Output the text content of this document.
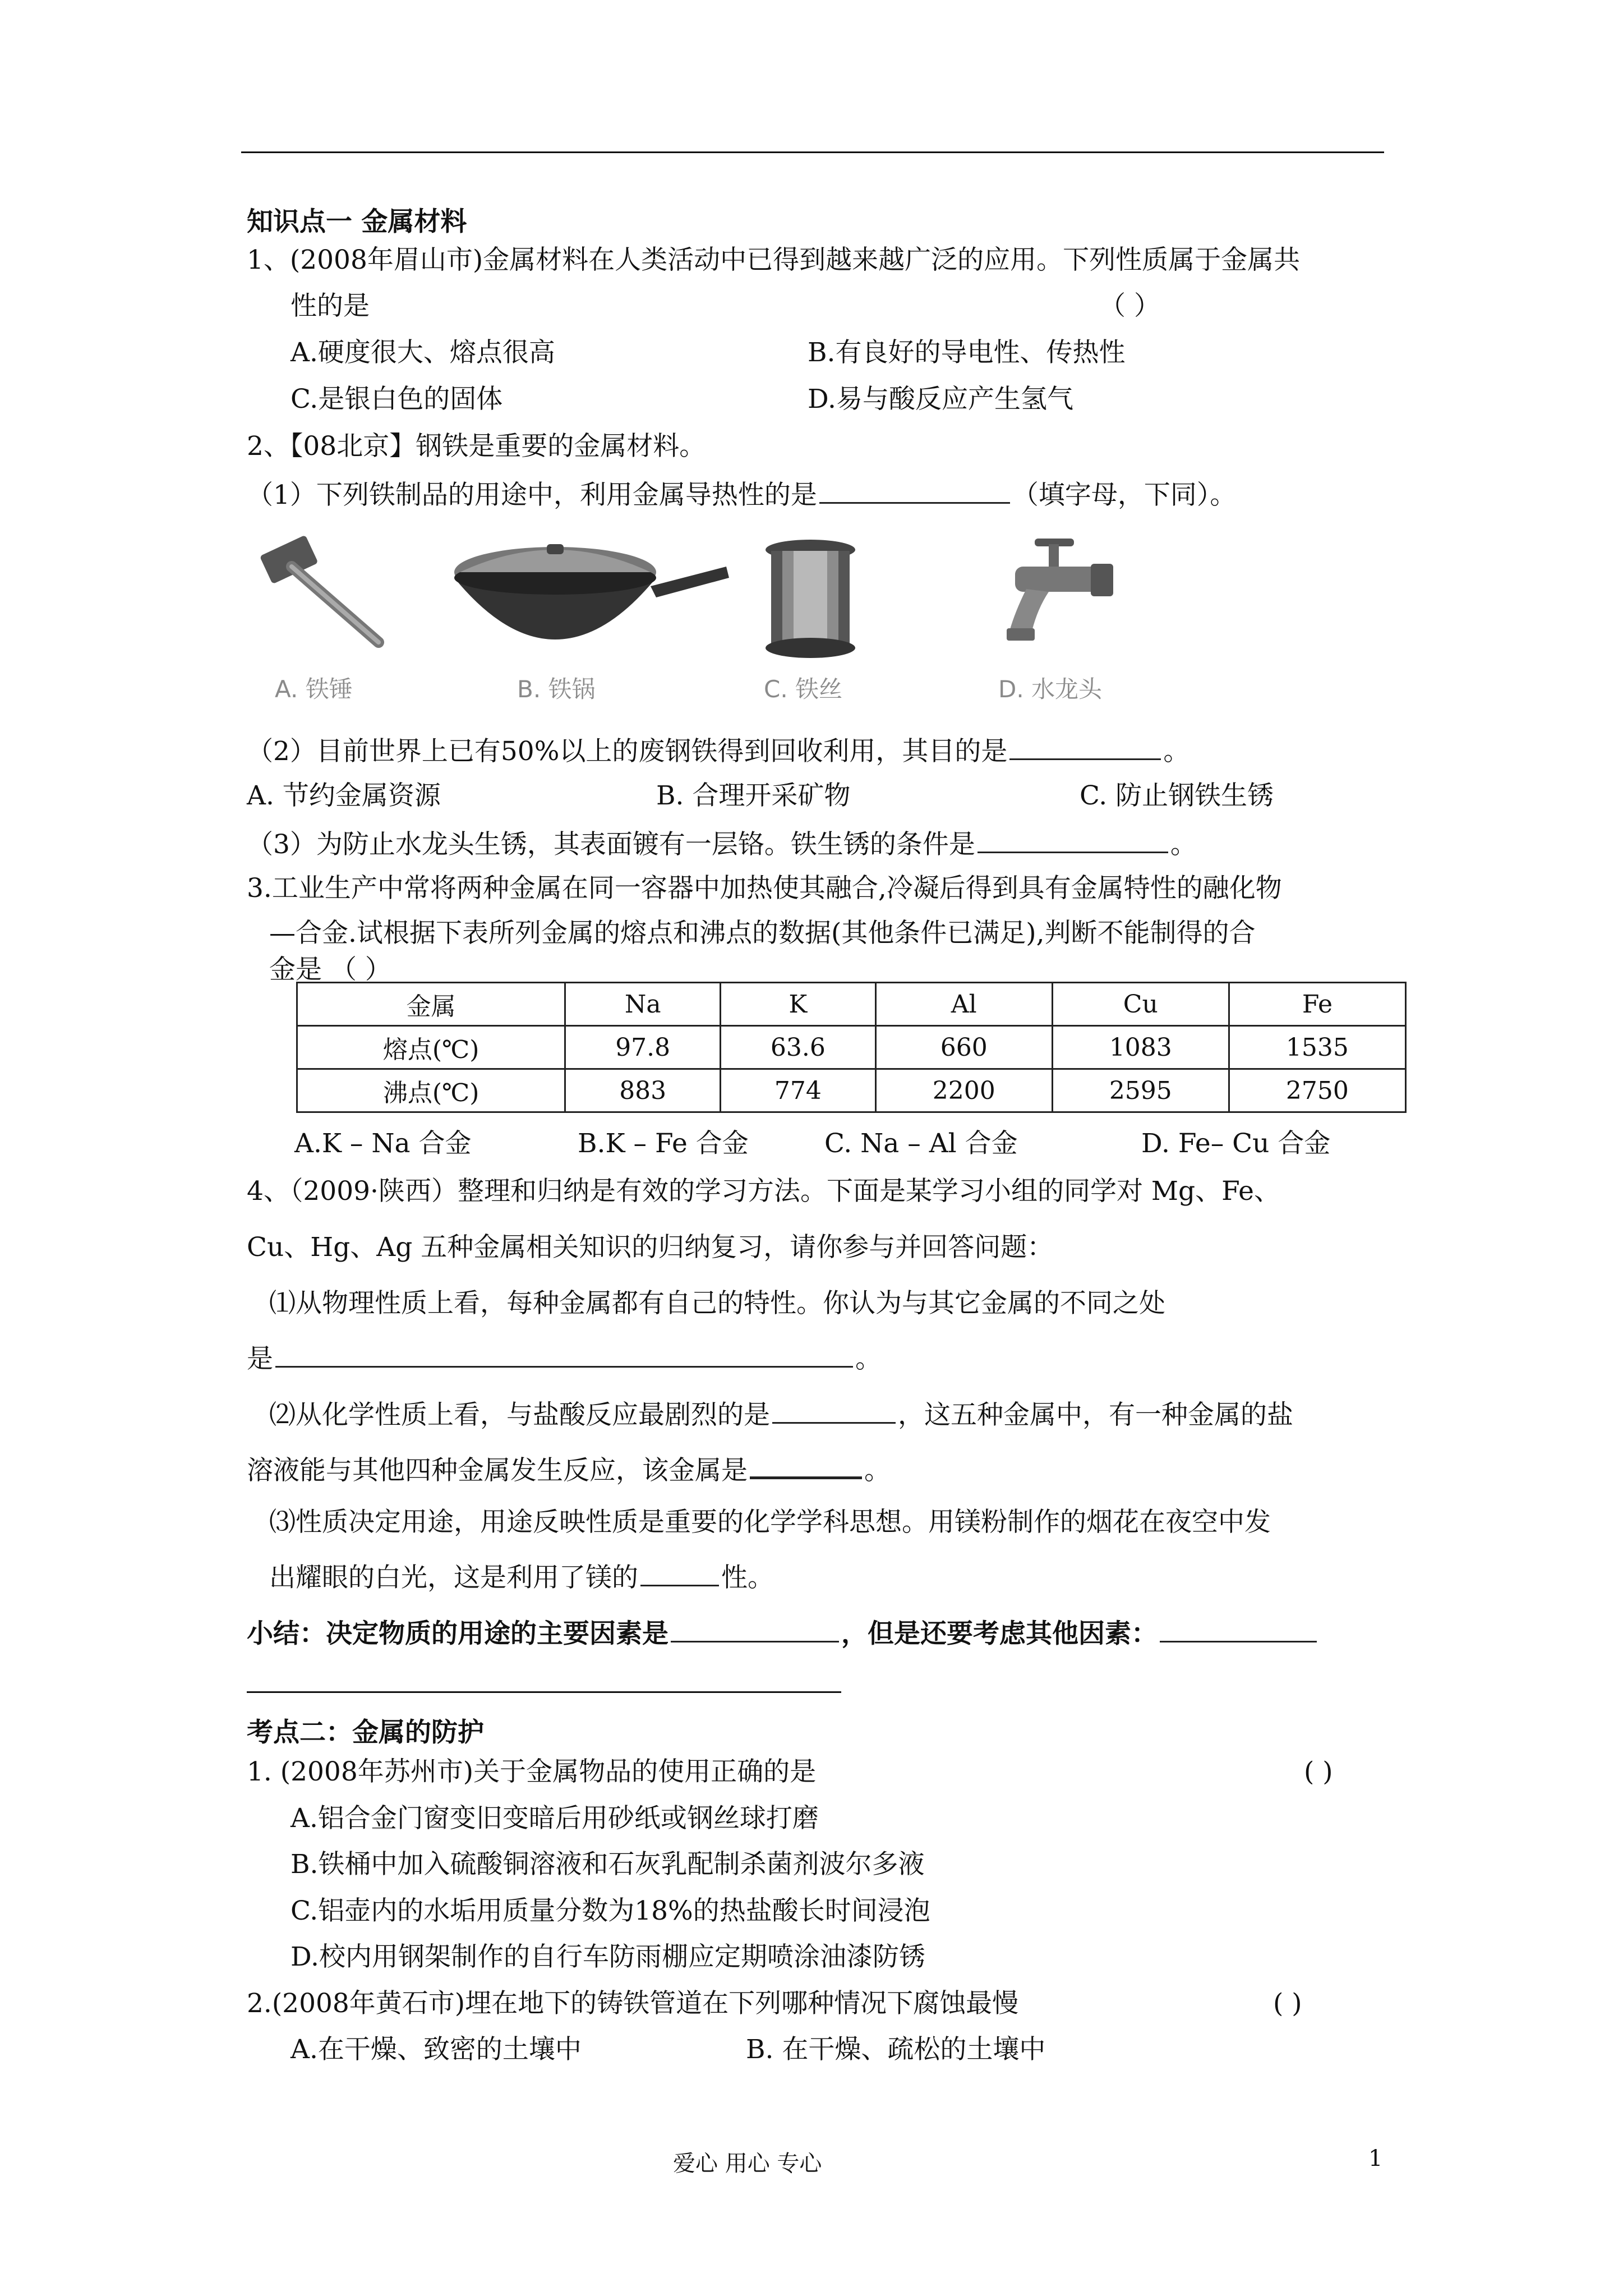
知识点一 金属材料
1、(2008年眉山市)金属材料在人类活动中已得到越来越广泛的应用。下列性质属于金属共
性的是	（ ）
A.硬度很大、熔点很高	B.有良好的导电性、传热性
C.是银白色的固体	D.易与酸反应产生氢气
2、【08北京】钢铁是重要的金属材料。
（1）下列铁制品的用途中，利用金属导热性的是	（填字母，下同）。
A. 铁锤	B. 铁锅	C. 铁丝	D. 水龙头
（2）目前世界上已有50%以上的废钢铁得到回收利用，其目的是	。
A. 节约金属资源	B. 合理开采矿物	C. 防止钢铁生锈
（3）为防止水龙头生锈，其表面镀有一层铬。铁生锈的条件是	。
3.工业生产中常将两种金属在同一容器中加热使其融合,冷凝后得到具有金属特性的融化物
—合金.试根据下表所列金属的熔点和沸点的数据(其他条件已满足),判断不能制得的合
金是 （ ）
金属	Na	K	Al	Cu	Fe
熔点(℃)	97.8	63.6	660	1083	1535
沸点(℃)	883	774	2200	2595	2750
A.K – Na 合金	B.K – Fe 合金	C. Na – Al 合金	D. Fe– Cu 合金
4、（2009·陕西）整理和归纳是有效的学习方法。下面是某学习小组的同学对 Mg、Fe、
Cu、Hg、Ag 五种金属相关知识的归纳复习，请你参与并回答问题：
⑴从物理性质上看，每种金属都有自己的特性。你认为与其它金属的不同之处
是	。
⑵从化学性质上看，与盐酸反应最剧烈的是	，这五种金属中，有一种金属的盐
溶液能与其他四种金属发生反应，该金属是	。
⑶性质决定用途，用途反映性质是重要的化学学科思想。用镁粉制作的烟花在夜空中发
出耀眼的白光，这是利用了镁的	性。
小结：决定物质的用途的主要因素是	，但是还要考虑其他因素：
考点二：金属的防护
1. (2008年苏州市)关于金属物品的使用正确的是	( )
A.铝合金门窗变旧变暗后用砂纸或钢丝球打磨
B.铁桶中加入硫酸铜溶液和石灰乳配制杀菌剂波尔多液
C.铝壶内的水垢用质量分数为18%的热盐酸长时间浸泡
D.校内用钢架制作的自行车防雨棚应定期喷涂油漆防锈
2.(2008年黄石市)埋在地下的铸铁管道在下列哪种情况下腐蚀最慢	( )
A.在干燥、致密的土壤中	B. 在干燥、疏松的土壤中
爱心 用心 专心	1
